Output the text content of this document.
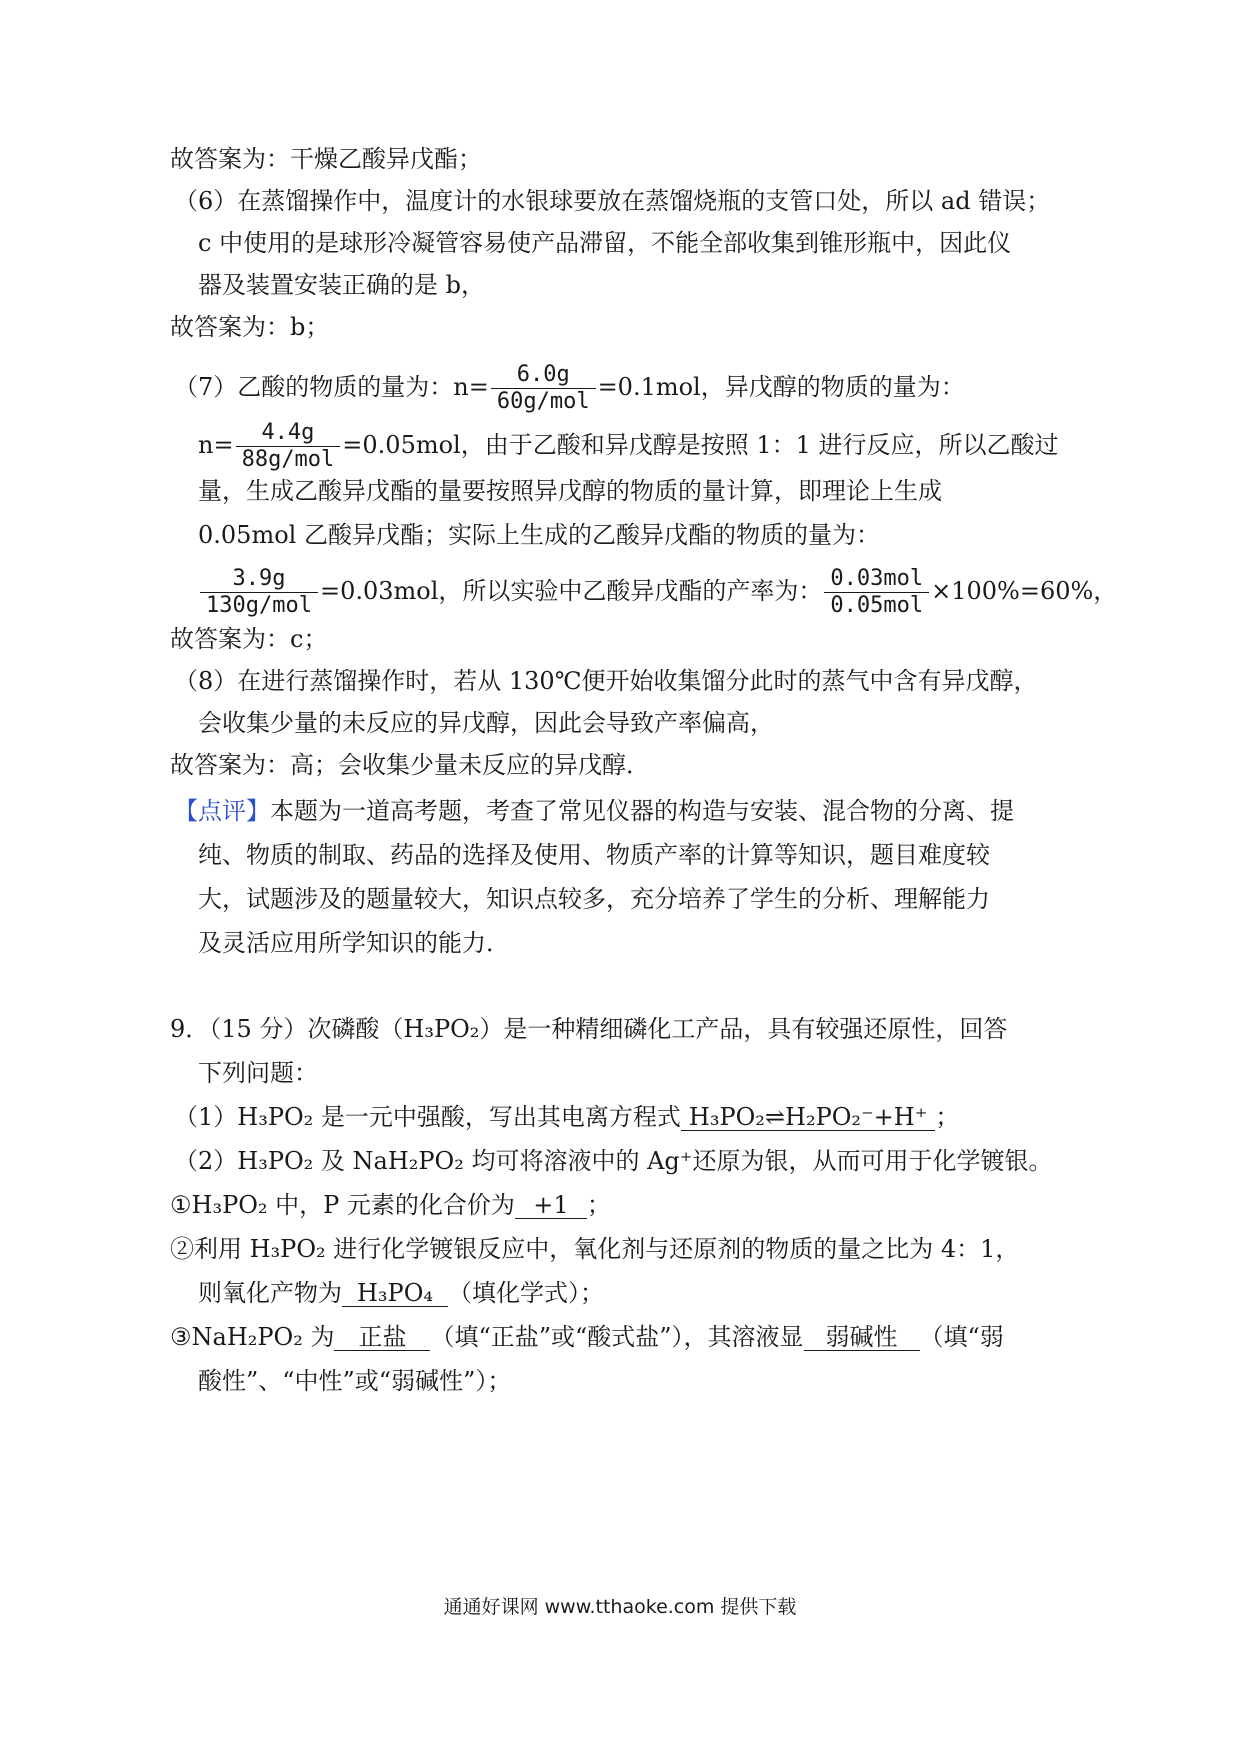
故答案为：干燥乙酸异戊酯；
（6）在蒸馏操作中，温度计的水银球要放在蒸馏烧瓶的支管口处，所以 ad 错误；
c 中使用的是球形冷凝管容易使产品滞留，不能全部收集到锥形瓶中，因此仪
器及装置安装正确的是 b，
故答案为：b；
（7）乙酸的物质的量为：$n= \frac{6.0g}{\text{60g/mol}} =0.1mol$，异戊醇的物质的量为：
$n= \frac{4.4g}{\text{88g/mol}} =0.05mol$，由于乙酸和异戊醇是按照 1：1 进行反应，所以乙酸过
量，生成乙酸异戊酯的量要按照异戊醇的物质的量计算，即理论上生成
0.05mol 乙酸异戊酯；实际上生成的乙酸异戊酯的物质的量为：
$\frac{3.9g}{\text{130g/mol}} =0.03mol$，所以实验中乙酸异戊酯的产率为： $\frac{\text{0.03mol}}{\text{0.05mol}} \times 100\%=60\%$，
故答案为：c；
（8）在进行蒸馏操作时，若从 130℃便开始收集馏分此时的蒸气中含有异戊醇，
会收集少量的未反应的异戊醇，因此会导致产率偏高，
故答案为：高；会收集少量未反应的异戊醇．
【点评】本题为一道高考题，考查了常见仪器的构造与安装、混合物的分离、提
纯、物质的制取、药品的选择及使用、物质产率的计算等知识，题目难度较
大，试题涉及的题量较大，知识点较多，充分培养了学生的分析、理解能力
及灵活应用所学知识的能力．
9．（15 分）次磷酸（H₃PO₂）是一种精细磷化工产品，具有较强还原性，回答
下列问题：
（1）H₃PO₂ 是一元中强酸，写出其电离方程式 H₃PO₂⇌H₂PO₂⁻+H⁺ ；
（2）H₃PO₂ 及 NaH₂PO₂ 均可将溶液中的 Ag⁺还原为银，从而可用于化学镀银。
①H₃PO₂ 中，P 元素的化合价为 +1 ；
②利用 H₃PO₂ 进行化学镀银反应中，氧化剂与还原剂的物质的量之比为 4：1，
则氧化产物为 H₃PO₄ （填化学式）；
③NaH₂PO₂ 为 正盐 （填“正盐”或“酸式盐”），其溶液显 弱碱性 （填“弱
酸性”、“中性”或“弱碱性”）；
通通好课网 www.tthaoke.com 提供下载
